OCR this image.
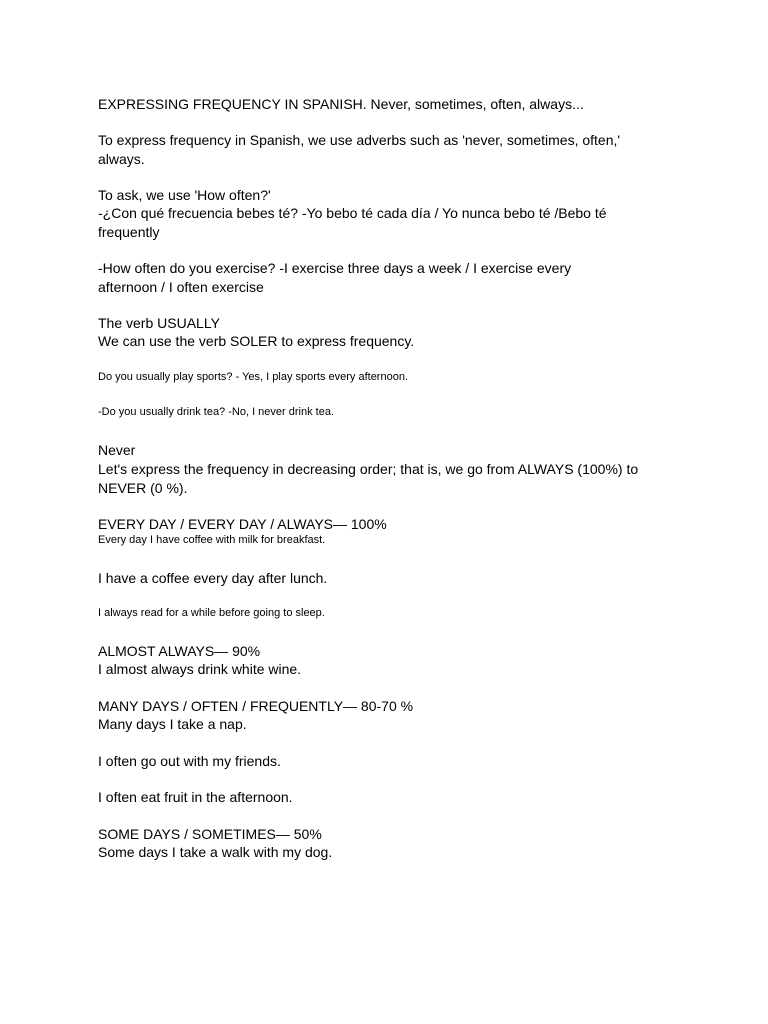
EXPRESSING FREQUENCY IN SPANISH. Never, sometimes, often, always...

To express frequency in Spanish, we use adverbs such as 'never, sometimes, often,'

always.

To ask, we use 'How often?'

-¿Con qué frecuencia bebes té? -Yo bebo té cada día / Yo nunca bebo té /Bebo té

frequently

-How often do you exercise? -I exercise three days a week / I exercise every

afternoon / I often exercise

The verb USUALLY

We can use the verb SOLER to express frequency.

Do you usually play sports? - Yes, I play sports every afternoon.

-Do you usually drink tea? -No, I never drink tea.

Never

Let's express the frequency in decreasing order; that is, we go from ALWAYS (100%) to

NEVER (0 %).

EVERY DAY / EVERY DAY / ALWAYS— 100%

Every day I have coffee with milk for breakfast.

I have a coffee every day after lunch.

I always read for a while before going to sleep.

ALMOST ALWAYS— 90%

I almost always drink white wine.

MANY DAYS / OFTEN / FREQUENTLY— 80-70 %

Many days I take a nap.

I often go out with my friends.

I often eat fruit in the afternoon.

SOME DAYS / SOMETIMES— 50%

Some days I take a walk with my dog.
